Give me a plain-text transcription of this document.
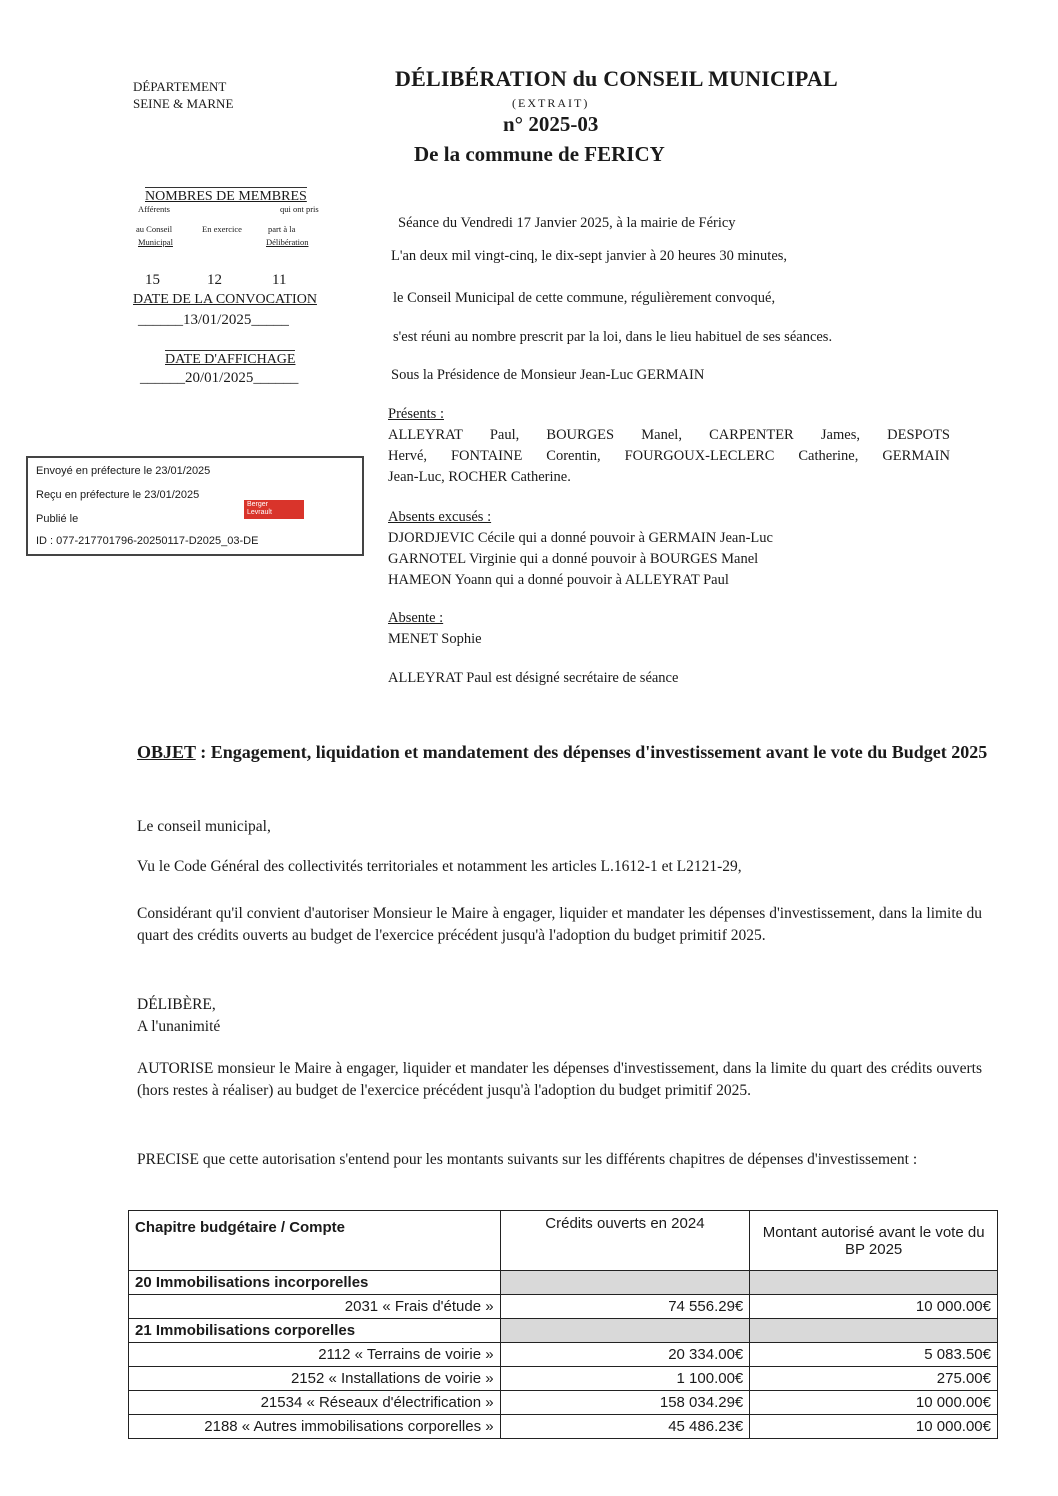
DÉPARTEMENT
SEINE & MARNE
DÉLIBÉRATION du CONSEIL MUNICIPAL
(EXTRAIT)
n° 2025-03
De la commune de FERICY
NOMBRES DE MEMBRES
Afférents
au Conseil
Municipal
En exercice
qui ont pris
part à la
Délibération
15	12	11
DATE DE LA CONVOCATION
______13/01/2025_____
DATE D'AFFICHAGE
______20/01/2025______
Envoyé en préfecture le 23/01/2025
Reçu en préfecture le 23/01/2025
Publié le
ID : 077-217701796-20250117-D2025_03-DE
Berger
Levrault
Séance du Vendredi 17 Janvier 2025, à la mairie de Féricy
L'an deux mil vingt-cinq, le dix-sept janvier à 20 heures 30 minutes,
le Conseil Municipal de cette commune, régulièrement convoqué,
s'est réuni au nombre prescrit par la loi, dans le lieu habituel de ses séances.
Sous la Présidence de Monsieur Jean-Luc GERMAIN
Présents :
ALLEYRAT Paul, BOURGES Manel, CARPENTER James, DESPOTS
Hervé, FONTAINE Corentin, FOURGOUX-LECLERC Catherine, GERMAIN
Jean-Luc, ROCHER Catherine.
Absents excusés :
DJORDJEVIC Cécile qui a donné pouvoir à GERMAIN Jean-Luc
GARNOTEL Virginie qui a donné pouvoir à BOURGES Manel
HAMEON Yoann qui a donné pouvoir à ALLEYRAT Paul
Absente :
MENET Sophie
ALLEYRAT Paul est désigné secrétaire de séance
OBJET : Engagement, liquidation et mandatement des dépenses d'investissement avant le vote du Budget 2025
Le conseil municipal,
Vu le Code Général des collectivités territoriales et notamment les articles L.1612-1 et L2121-29,
Considérant qu'il convient d'autoriser Monsieur le Maire à engager, liquider et mandater les dépenses d'investissement, dans la limite du quart des crédits ouverts au budget de l'exercice précédent jusqu'à l'adoption du budget primitif 2025.
DÉLIBÈRE,
A l'unanimité
AUTORISE monsieur le Maire à engager, liquider et mandater les dépenses d'investissement, dans la limite du quart des crédits ouverts (hors restes à réaliser) au budget de l'exercice précédent jusqu'à l'adoption du budget primitif 2025.
PRECISE que cette autorisation s'entend pour les montants suivants sur les différents chapitres de dépenses d'investissement :
Chapitre budgétaire / Compte	Crédits ouverts en 2024	Montant autorisé avant le vote du BP 2025
20 Immobilisations incorporelles		
2031 « Frais d'étude »	74 556.29€	10 000.00€
21 Immobilisations corporelles		
2112 « Terrains de voirie »	20 334.00€	5 083.50€
2152 « Installations de voirie »	1 100.00€	275.00€
21534 « Réseaux d'électrification »	158 034.29€	10 000.00€
2188 « Autres immobilisations corporelles »	45 486.23€	10 000.00€
